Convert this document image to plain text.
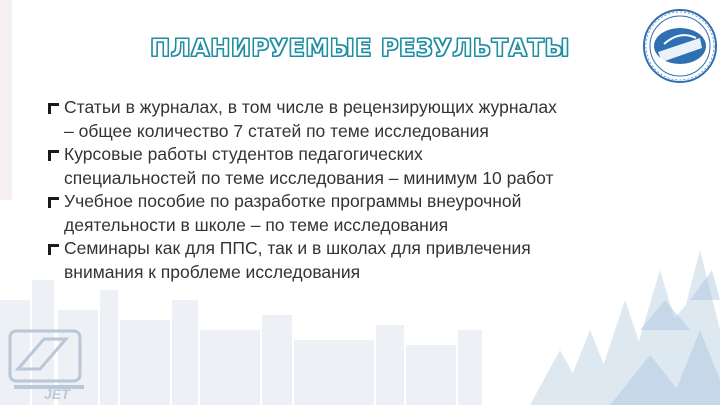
JET
ПЛАНИРУЕМЫЕ РЕЗУЛЬТАТЫ

Статьи в журналах, в том числе в рецензирующих журналах
– общее количество 7 статей по теме исследования

Курсовые работы студентов педагогических
специальностей по теме исследования – минимум 10 работ

Учебное пособие по разработке программы внеурочной
деятельности в школе – по теме исследования

Семинары как для ППС, так и в школах для привлечения
внимания к проблеме исследования
